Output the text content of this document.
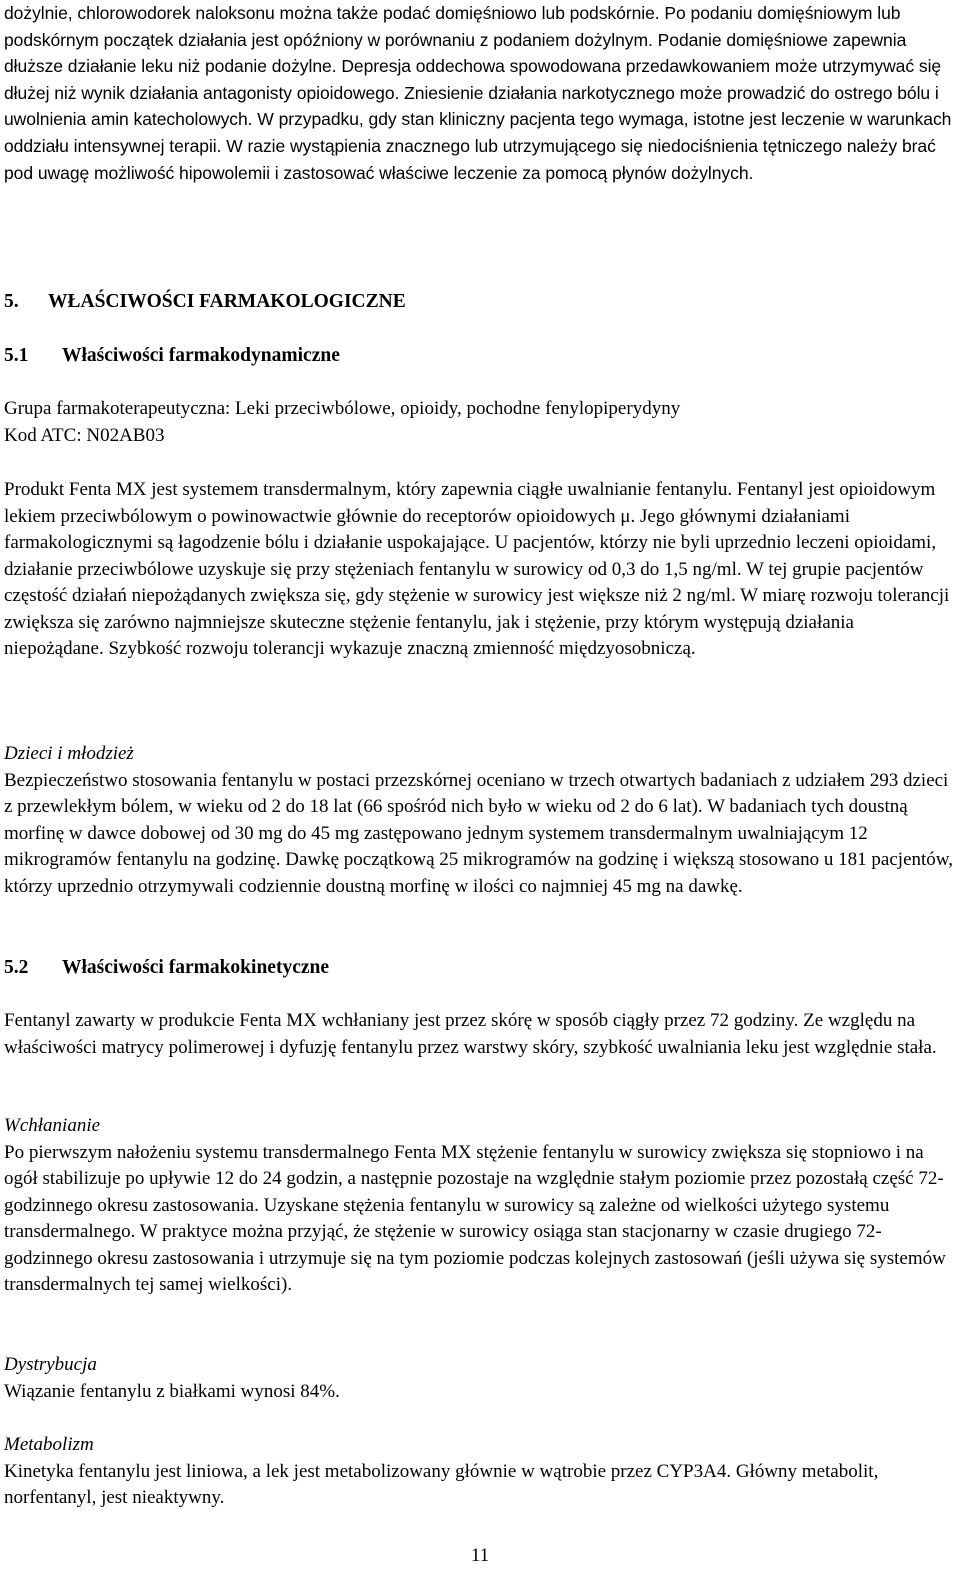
dożylnie, chlorowodorek naloksonu można także podać domięśniowo lub podskórnie. Po podaniu domięśniowym lub podskórnym początek działania jest opóźniony w porównaniu z podaniem dożylnym. Podanie domięśniowe zapewnia dłuższe działanie leku niż podanie dożylne. Depresja oddechowa spowodowana przedawkowaniem może utrzymywać się dłużej niż wynik działania antagonisty opioidowego. Zniesienie działania narkotycznego może prowadzić do ostrego bólu i uwolnienia amin katecholowych. W przypadku, gdy stan kliniczny pacjenta tego wymaga, istotne jest leczenie w warunkach oddziału intensywnej terapii. W razie wystąpienia znacznego lub utrzymującego się niedociśnienia tętniczego należy brać pod uwagę możliwość hipowolemii i zastosować właściwe leczenie za pomocą płynów dożylnych.

5. WŁAŚCIWOŚCI FARMAKOLOGICZNE
5.1 Właściwości farmakodynamiczne

Grupa farmakoterapeutyczna: Leki przeciwbólowe, opioidy, pochodne fenylopiperydyny

Kod ATC: N02AB03

Produkt Fenta MX jest systemem transdermalnym, który zapewnia ciągłe uwalnianie fentanylu. Fentanyl jest opioidowym lekiem przeciwbólowym o powinowactwie głównie do receptorów opioidowych μ. Jego głównymi działaniami farmakologicznymi są łagodzenie bólu i działanie uspokajające. U pacjentów, którzy nie byli uprzednio leczeni opioidami, działanie przeciwbólowe uzyskuje się przy stężeniach fentanylu w surowicy od 0,3 do 1,5 ng/ml. W tej grupie pacjentów częstość działań niepożądanych zwiększa się, gdy stężenie w surowicy jest większe niż 2 ng/ml. W miarę rozwoju tolerancji zwiększa się zarówno najmniejsze skuteczne stężenie fentanylu, jak i stężenie, przy którym występują działania niepożądane. Szybkość rozwoju tolerancji wykazuje znaczną zmienność międzyosobniczą.

Dzieci i młodzież

Bezpieczeństwo stosowania fentanylu w postaci przezskórnej oceniano w trzech otwartych badaniach z udziałem 293 dzieci z przewlekłym bólem, w wieku od 2 do 18 lat (66 spośród nich było w wieku od 2 do 6 lat). W badaniach tych doustną morfinę w dawce dobowej od 30 mg do 45 mg zastępowano jednym systemem transdermalnym uwalniającym 12 mikrogramów fentanylu na godzinę. Dawkę początkową 25 mikrogramów na godzinę i większą stosowano u 181 pacjentów, którzy uprzednio otrzymywali codziennie doustną morfinę w ilości co najmniej 45 mg na dawkę.

5.2 Właściwości farmakokinetyczne

Fentanyl zawarty w produkcie Fenta MX wchłaniany jest przez skórę w sposób ciągły przez 72 godziny. Ze względu na właściwości matrycy polimerowej i dyfuzję fentanylu przez warstwy skóry, szybkość uwalniania leku jest względnie stała.

Wchłanianie

Po pierwszym nałożeniu systemu transdermalnego Fenta MX stężenie fentanylu w surowicy zwiększa się stopniowo i na ogół stabilizuje po upływie 12 do 24 godzin, a następnie pozostaje na względnie stałym poziomie przez pozostałą część 72-godzinnego okresu zastosowania. Uzyskane stężenia fentanylu w surowicy są zależne od wielkości użytego systemu transdermalnego. W praktyce można przyjąć, że stężenie w surowicy osiąga stan stacjonarny w czasie drugiego 72-godzinnego okresu zastosowania i utrzymuje się na tym poziomie podczas kolejnych zastosowań (jeśli używa się systemów transdermalnych tej samej wielkości).

Dystrybucja

Wiązanie fentanylu z białkami wynosi 84%.

Metabolizm

Kinetyka fentanylu jest liniowa, a lek jest metabolizowany głównie w wątrobie przez CYP3A4. Główny metabolit, norfentanyl, jest nieaktywny.

11
